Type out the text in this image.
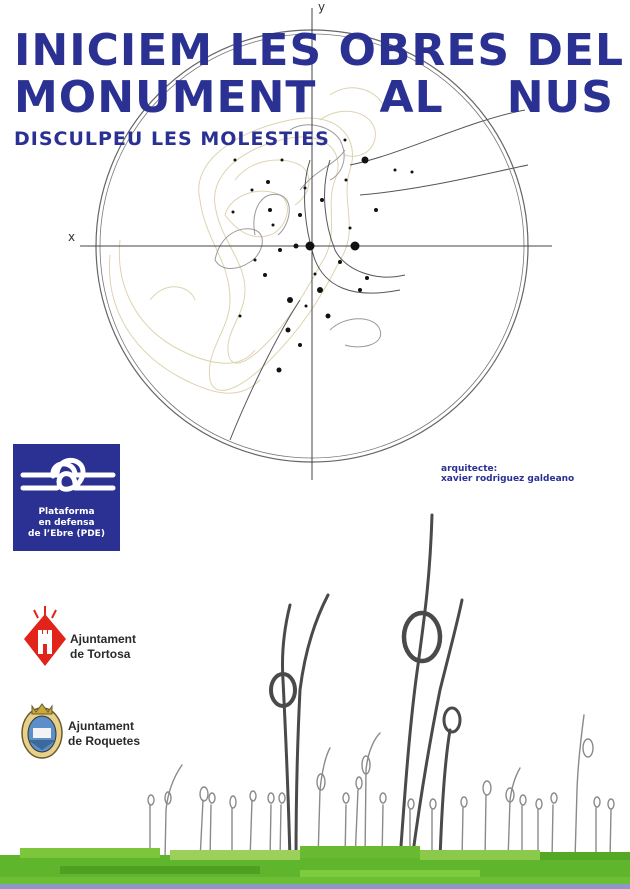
y
x
INICIEM LES OBRES DEL
MONUMENT AL NUS
DISCULPEU LES MOLESTIES
Plataforma
en defensa
de l’Ebre (PDE)
arquitecte:
xavier rodriguez galdeano
Ajuntament
de Tortosa
Ajuntament
de Roquetes
